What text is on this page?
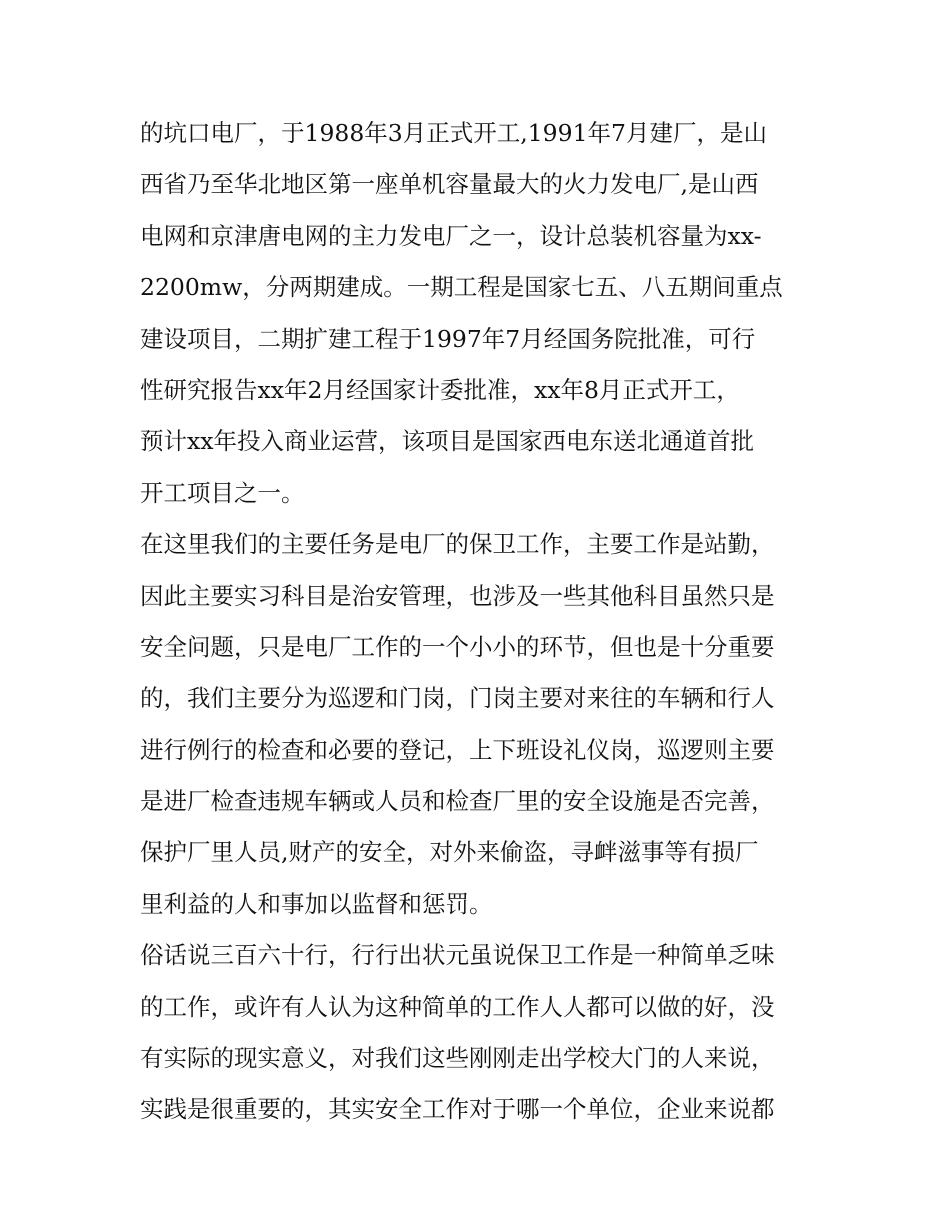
的坑口电厂，于1988年3月正式开工,1991年7月建厂，是山
西省乃至华北地区第一座单机容量最大的火力发电厂,是山西
电网和京津唐电网的主力发电厂之一，设计总装机容量为xx-
2200mw，分两期建成。一期工程是国家七五、八五期间重点
建设项目，二期扩建工程于1997年7月经国务院批准，可行
性研究报告xx年2月经国家计委批准，xx年8月正式开工，
预计xx年投入商业运营，该项目是国家西电东送北通道首批
开工项目之一。
在这里我们的主要任务是电厂的保卫工作，主要工作是站勤，
因此主要实习科目是治安管理，也涉及一些其他科目虽然只是
安全问题，只是电厂工作的一个小小的环节，但也是十分重要
的，我们主要分为巡逻和门岗，门岗主要对来往的车辆和行人
进行例行的检查和必要的登记，上下班设礼仪岗，巡逻则主要
是进厂检查违规车辆或人员和检查厂里的安全设施是否完善，
保护厂里人员,财产的安全，对外来偷盗，寻衅滋事等有损厂
里利益的人和事加以监督和惩罚。
俗话说三百六十行，行行出状元虽说保卫工作是一种简单乏味
的工作，或许有人认为这种简单的工作人人都可以做的好，没
有实际的现实意义，对我们这些刚刚走出学校大门的人来说，
实践是很重要的，其实安全工作对于哪一个单位，企业来说都
